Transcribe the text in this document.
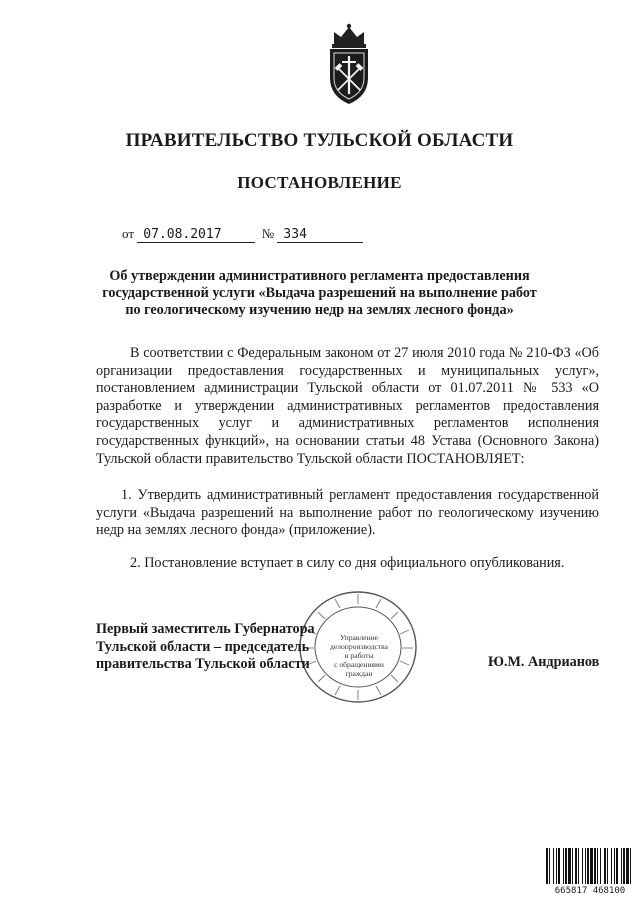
ПРАВИТЕЛЬСТВО ТУЛЬСКОЙ ОБЛАСТИ
ПОСТАНОВЛЕНИЕ
от 07.08.2017	№ 334
Об утверждении административного регламента предоставления
государственной услуги «Выдача разрешений на выполнение работ
по геологическому изучению недр на землях лесного фонда»
В соответствии с Федеральным законом от 27 июля 2010 года № 210-ФЗ «Об организации предоставления государственных и муниципальных услуг», постановлением администрации Тульской области от 01.07.2011 № 533 «О разработке и утверждении административных регламентов предоставления государственных услуг и административных регламентов исполнения государственных функций», на основании статьи 48 Устава (Основного Закона) Тульской области правительство Тульской области ПОСТАНОВЛЯЕТ:
1. Утвердить административный регламент предоставления государственной услуги «Выдача разрешений на выполнение работ по геологическому изучению недр на землях лесного фонда» (приложение).
2. Постановление вступает в силу со дня официального опубликования.
Управление
делопроизводства
и работы
с обращениями
граждан
Первый заместитель Губернатора
Тульской области – председатель
правительства Тульской области	Ю.М. Андрианов
665817 468100
